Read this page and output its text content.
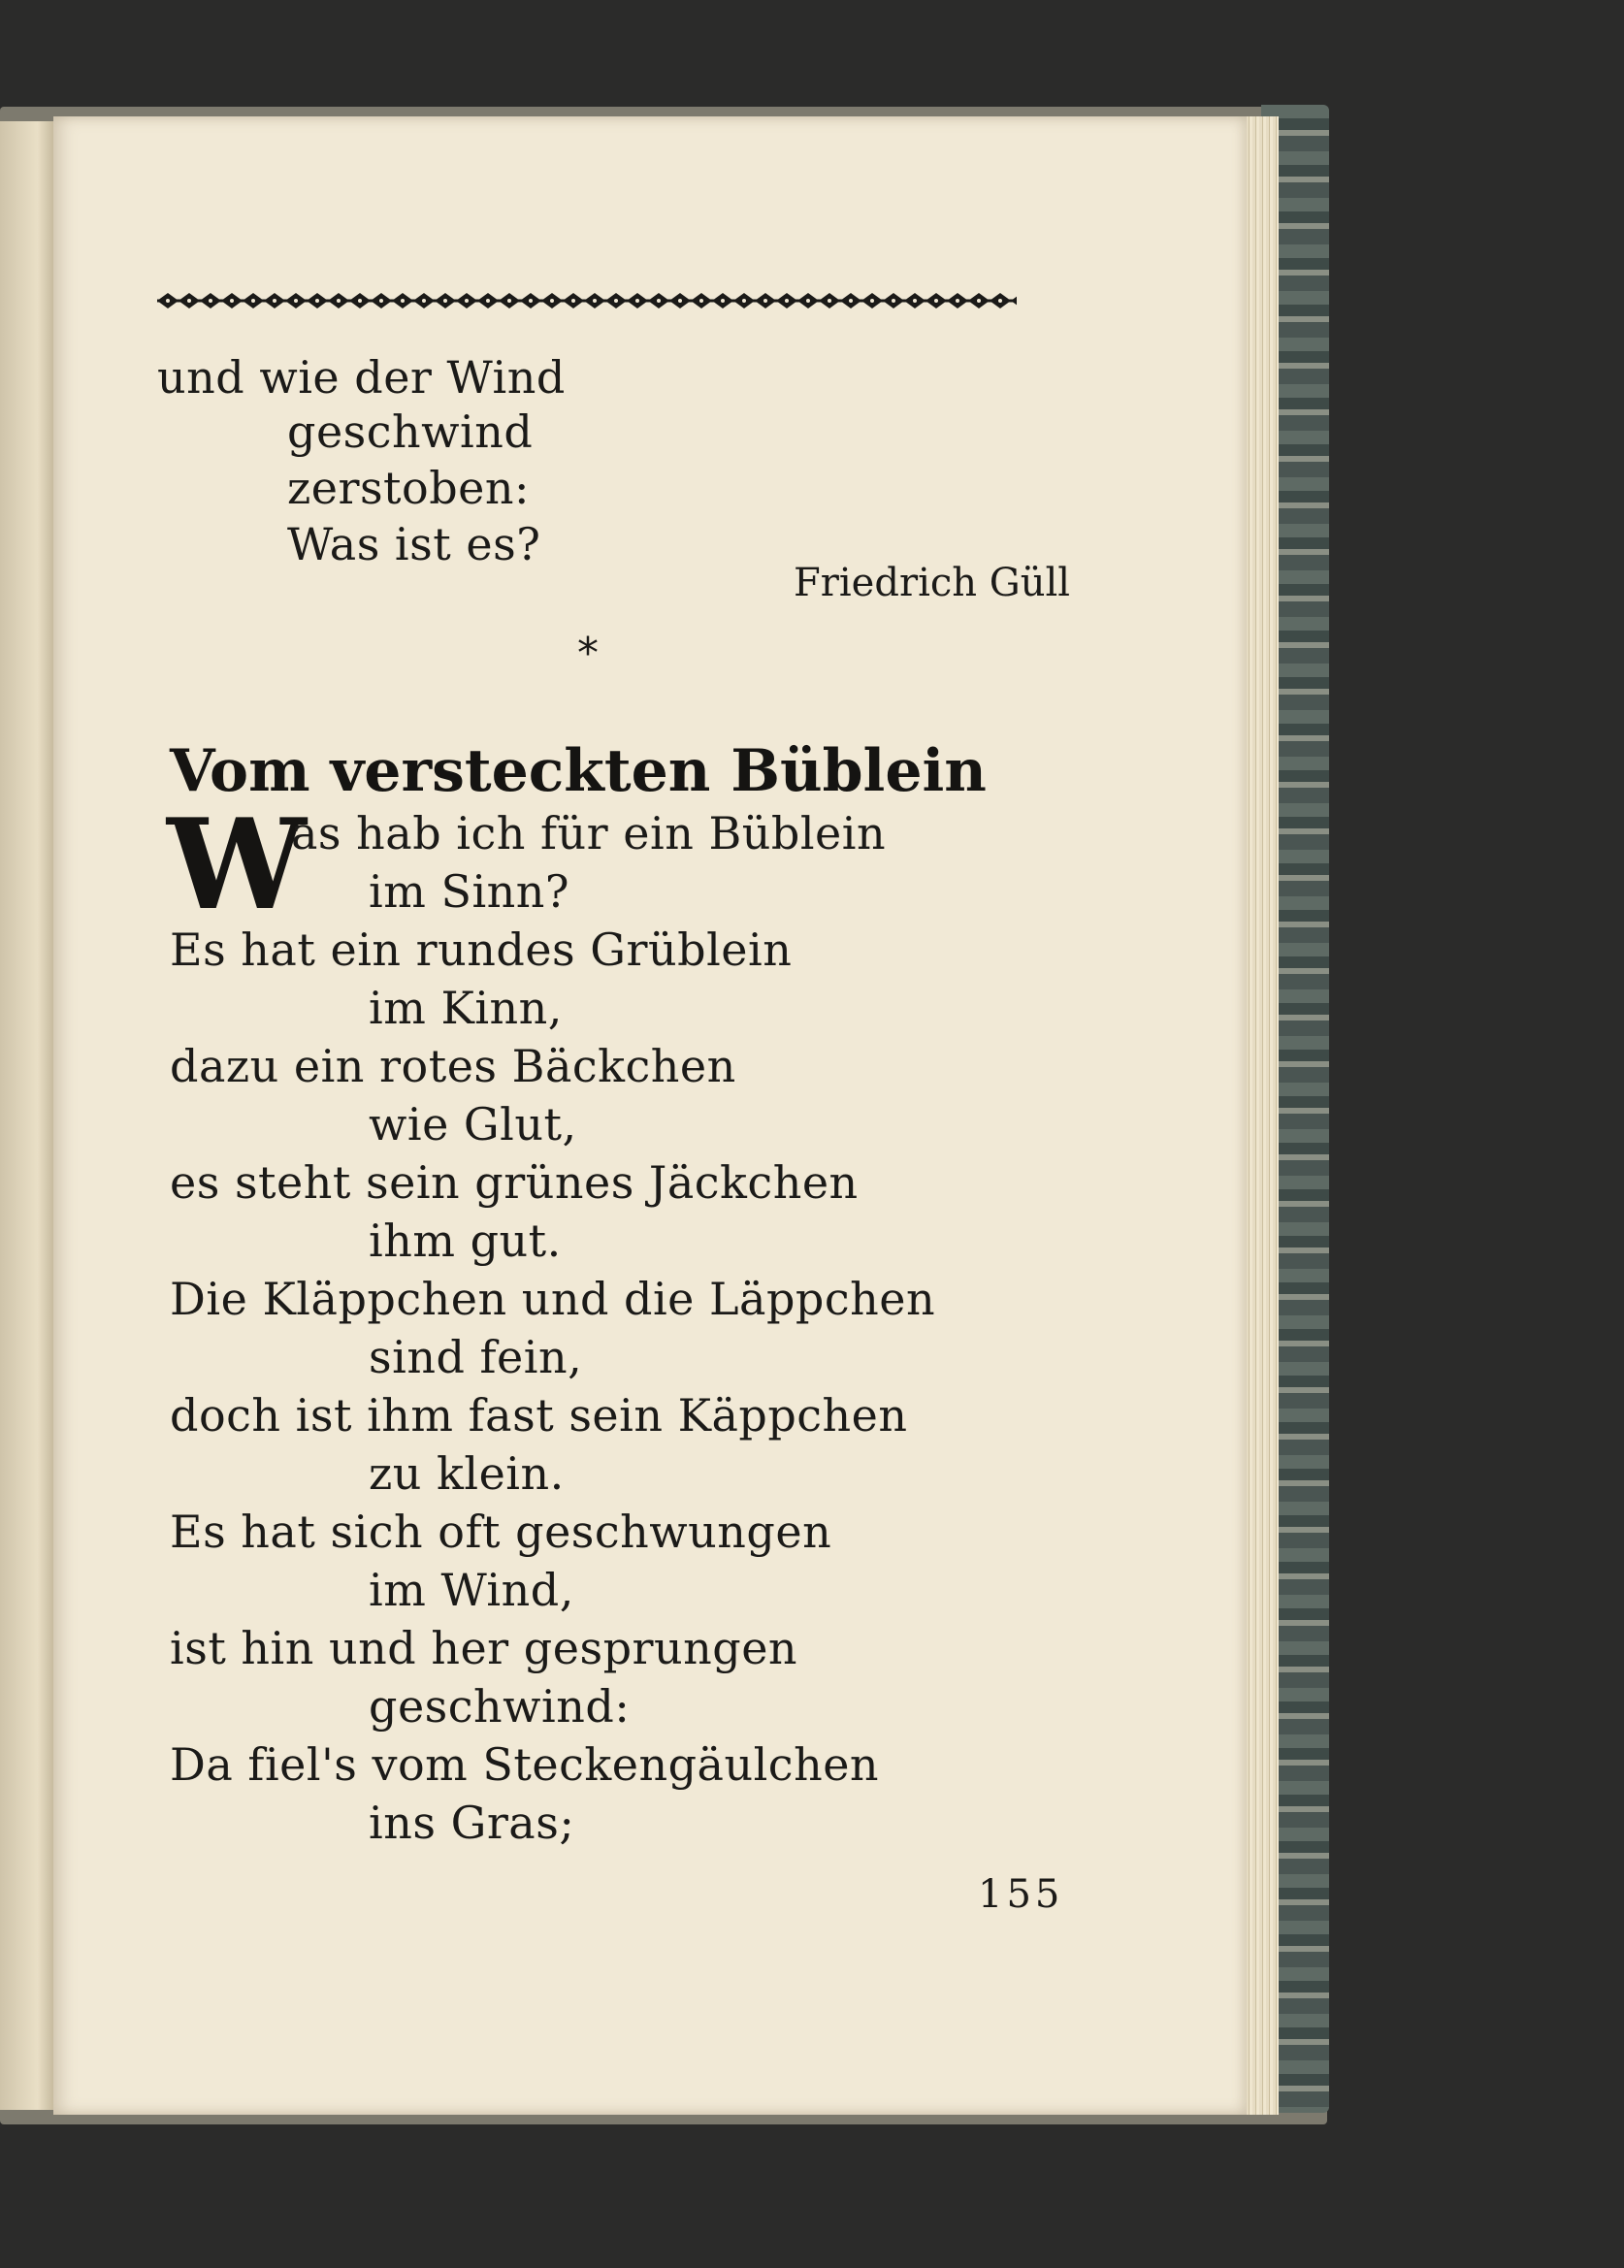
und wie der Wind
geschwind
zerstoben:
Was ist es?
Friedrich Güll
*
Vom versteckten Büblein
W
as hab ich für ein Büblein
im Sinn?
Es hat ein rundes Grüblein
im Kinn,
dazu ein rotes Bäckchen
wie Glut,
es steht sein grünes Jäckchen
ihm gut.
Die Kläppchen und die Läppchen
sind fein,
doch ist ihm fast sein Käppchen
zu klein.
Es hat sich oft geschwungen
im Wind,
ist hin und her gesprungen
geschwind:
Da fiel's vom Steckengäulchen
ins Gras;
155
